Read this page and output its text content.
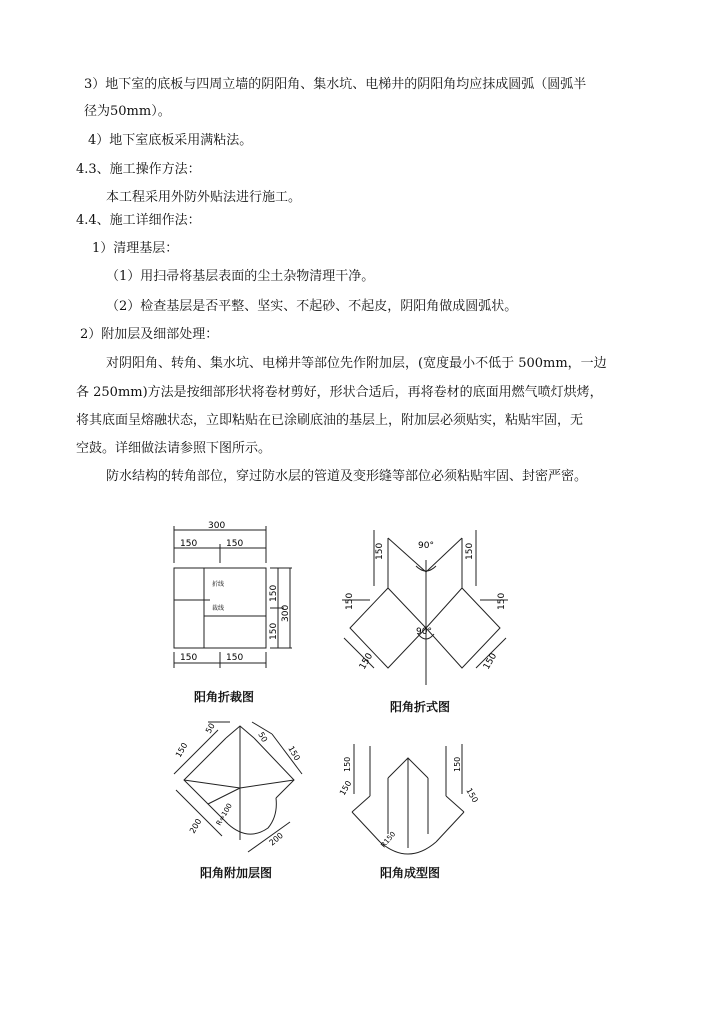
3）地下室的底板与四周立墙的阴阳角、集水坑、电梯井的阴阳角均应抹成圆弧（圆弧半
径为50mm）。
4）地下室底板采用满粘法。
4.3、施工操作方法：
本工程采用外防外贴法进行施工。
4.4、施工详细作法：
1）清理基层：
（1）用扫帚将基层表面的尘土杂物清理干净。
（2）检查基层是否平整、坚实、不起砂、不起皮，阴阳角做成圆弧状。
2）附加层及细部处理：
对阴阳角、转角、集水坑、电梯井等部位先作附加层，(宽度最小不低于 500mm，一边
各 250mm)方法是按细部形状将卷材剪好，形状合适后，再将卷材的底面用燃气喷灯烘烤，
将其底面呈熔融状态，立即粘贴在已涂刷底油的基层上，附加层必须贴实，粘贴牢固，无
空鼓。详细做法请参照下图所示。
防水结构的转角部位，穿过防水层的管道及变形缝等部位必须粘贴牢固、封密严密。
300
150	150
折线
裁线
150	150
150
150
300
阳角折裁图
90°
90°
150	150
150	150
150	150
阳角折式图
150
50
50
150
200
200
R=100
阳角附加层图
150	150
150	150
R150
阳角成型图
